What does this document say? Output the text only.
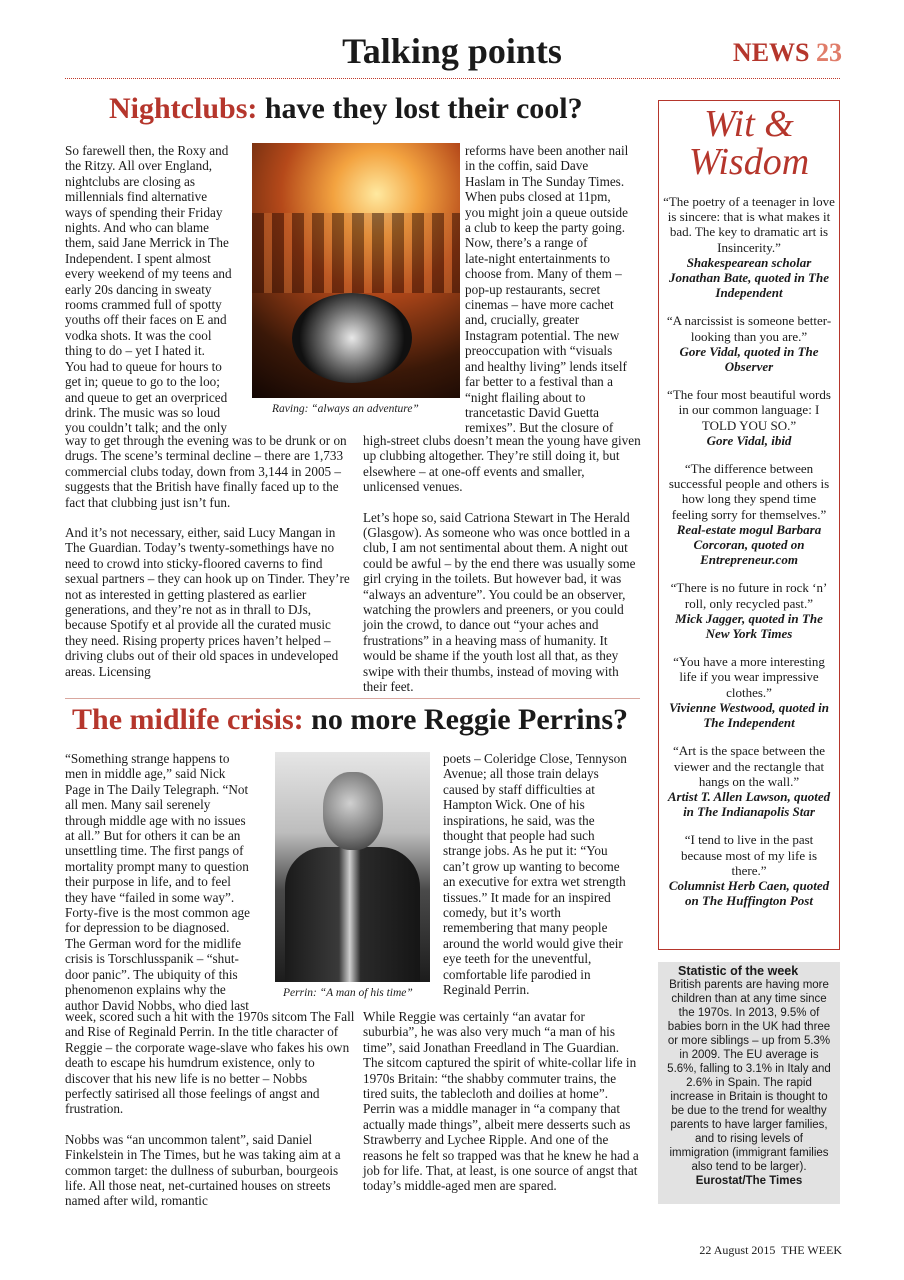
Talking points	NEWS 23
Nightclubs: have they lost their cool?
So farewell then, the Roxy and
the Ritzy. All over England,
nightclubs are closing as
millennials find alternative
ways of spending their Friday
nights. And who can blame
them, said Jane Merrick in The
Independent. I spent almost
every weekend of my teens and
early 20s dancing in sweaty
rooms crammed full of spotty
youths off their faces on E and
vodka shots. It was the cool
thing to do – yet I hated it.
You had to queue for hours to
get in; queue to go to the loo;
and queue to get an overpriced
drink. The music was so loud
you couldn’t talk; and the only
Raving: “always an adventure”
reforms have been another nail
in the coffin, said Dave
Haslam in The Sunday Times.
When pubs closed at 11pm,
you might join a queue outside
a club to keep the party going.
Now, there’s a range of
late-night entertainments to
choose from. Many of them –
pop-up restaurants, secret
cinemas – have more cachet
and, crucially, greater
Instagram potential. The new
preoccupation with “visuals
and healthy living” lends itself
far better to a festival than a
“night flailing about to
trancetastic David Guetta
remixes”. But the closure of

way to get through the evening was to be drunk or on drugs. The scene’s terminal decline – there are 1,733 commercial clubs today, down from 3,144 in 2005 – suggests that the British have finally faced up to the fact that clubbing just isn’t fun.

And it’s not necessary, either, said Lucy Mangan in The Guardian. Today’s twenty-somethings have no need to crowd into sticky-floored caverns to find sexual partners – they can hook up on Tinder. They’re not as interested in getting plastered as earlier generations, and they’re not as in thrall to DJs, because Spotify et al provide all the curated music they need. Rising property prices haven’t helped – driving clubs out of their old spaces in undeveloped areas. Licensing

high-street clubs doesn’t mean the young have given up clubbing altogether. They’re still doing it, but elsewhere – at one-off events and smaller, unlicensed venues.

Let’s hope so, said Catriona Stewart in The Herald (Glasgow). As someone who was once bottled in a club, I am not sentimental about them. A night out could be awful – by the end there was usually some girl crying in the toilets. But however bad, it was “always an adventure”. You could be an observer, watching the prowlers and preeners, or you could join the crowd, to dance out “your aches and frustrations” in a heaving mass of humanity. It would be shame if the youth lost all that, as they swipe with their thumbs, instead of moving with their feet.

The midlife crisis: no more Reggie Perrins?
“Something strange happens to
men in middle age,” said Nick
Page in The Daily Telegraph. “Not
all men. Many sail serenely
through middle age with no issues
at all.” But for others it can be an
unsettling time. The first pangs of
mortality prompt many to question
their purpose in life, and to feel
they have “failed in some way”.
Forty-five is the most common age
for depression to be diagnosed.
The German word for the midlife
crisis is Torschlusspanik – “shut-
door panic”. The ubiquity of this
phenomenon explains why the
author David Nobbs, who died last
Perrin: “A man of his time”
poets – Coleridge Close, Tennyson
Avenue; all those train delays
caused by staff difficulties at
Hampton Wick. One of his
inspirations, he said, was the
thought that people had such
strange jobs. As he put it: “You
can’t grow up wanting to become
an executive for extra wet strength
tissues.” It made for an inspired
comedy, but it’s worth
remembering that many people
around the world would give their
eye teeth for the uneventful,
comfortable life parodied in
Reginald Perrin.

week, scored such a hit with the 1970s sitcom The Fall and Rise of Reginald Perrin. In the title character of Reggie – the corporate wage-slave who fakes his own death to escape his humdrum existence, only to discover that his new life is no better – Nobbs perfectly satirised all those feelings of angst and frustration.

Nobbs was “an uncommon talent”, said Daniel Finkelstein in The Times, but he was taking aim at a common target: the dullness of suburban, bourgeois life. All those neat, net-curtained houses on streets named after wild, romantic

While Reggie was certainly “an avatar for suburbia”, he was also very much “a man of his time”, said Jonathan Freedland in The Guardian. The sitcom captured the spirit of white-collar life in 1970s Britain: “the shabby commuter trains, the tired suits, the tablecloth and doilies at home”. Perrin was a middle manager in “a company that actually made things”, albeit mere desserts such as Strawberry and Lychee Ripple. And one of the reasons he felt so trapped was that he knew he had a job for life. That, at least, is one source of angst that today’s middle-aged men are spared.

Wit &
Wisdom
“The poetry of a teenager in love is sincere: that is what makes it bad. The key to dramatic art is Insincerity.”
Shakespearean scholar Jonathan Bate, quoted in The Independent
“A narcissist is someone better-looking than you are.”
Gore Vidal, quoted in The Observer
“The four most beautiful words in our common language: I TOLD YOU SO.”
Gore Vidal, ibid
“The difference between successful people and others is how long they spend time feeling sorry for themselves.”
Real-estate mogul Barbara Corcoran, quoted on Entrepreneur.com
“There is no future in rock ‘n’ roll, only recycled past.”
Mick Jagger, quoted in The New York Times
“You have a more interesting life if you wear impressive clothes.”
Vivienne Westwood, quoted in The Independent
“Art is the space between the viewer and the rectangle that hangs on the wall.”
Artist T. Allen Lawson, quoted in The Indianapolis Star
“I tend to live in the past because most of my life is there.”
Columnist Herb Caen, quoted on The Huffington Post
Statistic of the week
British parents are having more children than at any time since the 1970s. In 2013, 9.5% of babies born in the UK had three or more siblings – up from 5.3% in 2009. The EU average is 5.6%, falling to 3.1% in Italy and 2.6% in Spain. The rapid increase in Britain is thought to be due to the trend for wealthy parents to have larger families, and to rising levels of immigration (immigrant families also tend to be larger).
Eurostat/The Times
22 August 2015 THE WEEK
